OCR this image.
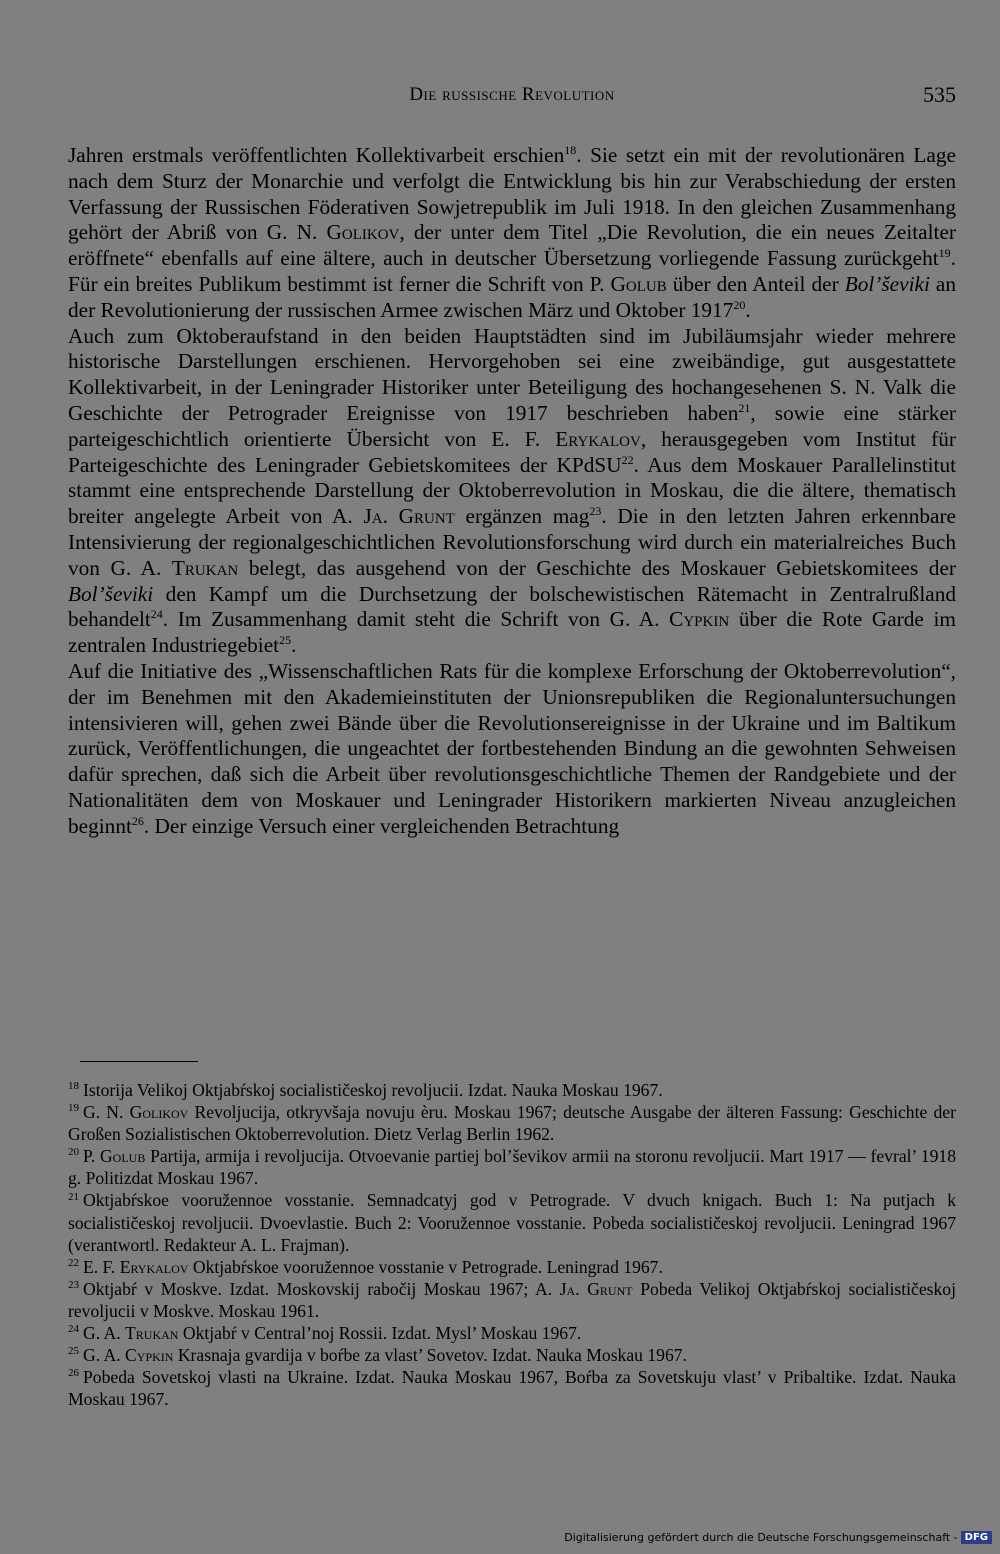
Die russische Revolution	535

Jahren erstmals veröffentlichten Kollektivarbeit erschien$^{18}$. Sie setzt ein mit der revolutionären Lage nach dem Sturz der Monarchie und verfolgt die Entwicklung bis hin zur Verabschiedung der ersten Verfassung der Russischen Föderativen Sowjetrepublik im Juli 1918. In den gleichen Zusammenhang gehört der Abriß von G. N. Golikov, der unter dem Titel „Die Revolution, die ein neues Zeitalter eröffnete“ ebenfalls auf eine ältere, auch in deutscher Übersetzung vorliegende Fassung zurückgeht$^{19}$. Für ein breites Publikum bestimmt ist ferner die Schrift von P. Golub über den Anteil der Bol’ševiki an der Revolutionierung der russischen Armee zwischen März und Oktober 1917$^{20}$.

Auch zum Oktoberaufstand in den beiden Hauptstädten sind im Jubiläumsjahr wieder mehrere historische Darstellungen erschienen. Hervorgehoben sei eine zweibändige, gut ausgestattete Kollektivarbeit, in der Leningrader Historiker unter Beteiligung des hochangesehenen S. N. Valk die Geschichte der Petrograder Ereignisse von 1917 beschrieben haben$^{21}$, sowie eine stärker parteigeschichtlich orientierte Übersicht von E. F. Erykalov, herausgegeben vom Institut für Parteigeschichte des Leningrader Gebietskomitees der KPdSU$^{22}$. Aus dem Moskauer Parallelinstitut stammt eine entsprechende Darstellung der Oktoberrevolution in Moskau, die die ältere, thematisch breiter angelegte Arbeit von A. Ja. Grunt ergänzen mag$^{23}$. Die in den letzten Jahren erkennbare Intensivierung der regionalgeschichtlichen Revolutionsforschung wird durch ein materialreiches Buch von G. A. Trukan belegt, das ausgehend von der Geschichte des Moskauer Gebietskomitees der Bol’ševiki den Kampf um die Durchsetzung der bolschewistischen Rätemacht in Zentralrußland behandelt$^{24}$. Im Zusammenhang damit steht die Schrift von G. A. Cypkin über die Rote Garde im zentralen Industriegebiet$^{25}$.

Auf die Initiative des „Wissenschaftlichen Rats für die komplexe Erforschung der Oktoberrevolution“, der im Benehmen mit den Akademieinstituten der Unionsrepubliken die Regionaluntersuchungen intensivieren will, gehen zwei Bände über die Revolutionsereignisse in der Ukraine und im Baltikum zurück, Veröffentlichungen, die ungeachtet der fortbestehenden Bindung an die gewohnten Sehweisen dafür sprechen, daß sich die Arbeit über revolutionsgeschichtliche Themen der Randgebiete und der Nationalitäten dem von Moskauer und Leningrader Historikern markierten Niveau anzugleichen beginnt$^{26}$. Der einzige Versuch einer vergleichenden Betrachtung

$^{18}$ Istorija Velikoj Oktjabŕskoj socialističeskoj revoljucii. Izdat. Nauka Moskau 1967.

$^{19}$ G. N. Golikov Revoljucija, otkryvšaja novuju èru. Moskau 1967; deutsche Ausgabe der älteren Fassung: Geschichte der Großen Sozialistischen Oktoberrevolution. Dietz Verlag Berlin 1962.

$^{20}$ P. Golub Partija, armija i revoljucija. Otvoevanie partiej bol’ševikov armii na storonu revoljucii. Mart 1917 — fevral’ 1918 g. Politizdat Moskau 1967.

$^{21}$ Oktjabŕskoe vooružennoe vosstanie. Semnadcatyj god v Petrograde. V dvuch knigach. Buch 1: Na putjach k socialističeskoj revoljucii. Dvoevlastie. Buch 2: Vooružennoe vosstanie. Pobeda socialističeskoj revoljucii. Leningrad 1967 (verantwortl. Redakteur A. L. Frajman).

$^{22}$ E. F. Erykalov Oktjabŕskoe vooružennoe vosstanie v Petrograde. Leningrad 1967.

$^{23}$ Oktjabŕ v Moskve. Izdat. Moskovskij rabočij Moskau 1967; A. Ja. Grunt Pobeda Velikoj Oktjabŕskoj socialističeskoj revoljucii v Moskve. Moskau 1961.

$^{24}$ G. A. Trukan Oktjabŕ v Central’noj Rossii. Izdat. Mysl’ Moskau 1967.

$^{25}$ G. A. Cypkin Krasnaja gvardija v boŕbe za vlast’ Sovetov. Izdat. Nauka Moskau 1967.

$^{26}$ Pobeda Sovetskoj vlasti na Ukraine. Izdat. Nauka Moskau 1967, Boŕba za Sovetskuju vlast’ v Pribaltike. Izdat. Nauka Moskau 1967.

Digitalisierung gefördert durch die Deutsche Forschungsgemeinschaft - DFG
